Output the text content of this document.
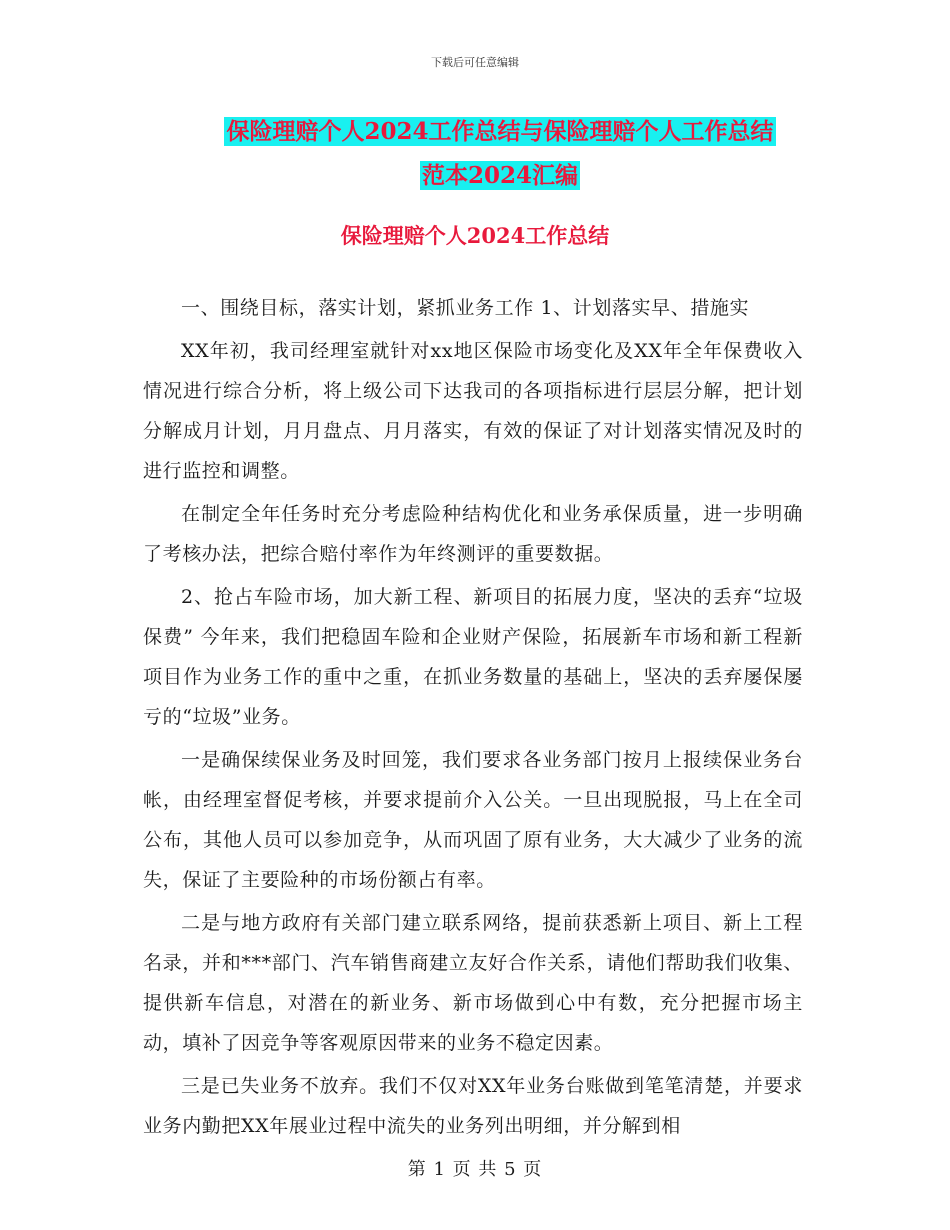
下载后可任意编辑
保险理赔个人2024工作总结与保险理赔个人工作总结
范本2024汇编
保险理赔个人2024工作总结

一、围绕目标，落实计划，紧抓业务工作 1、计划落实早、措施实

XX年初，我司经理室就针对xx地区保险市场变化及XX年全年保费收入情况进行综合分析，将上级公司下达我司的各项指标进行层层分解，把计划分解成月计划，月月盘点、月月落实，有效的保证了对计划落实情况及时的进行监控和调整。

在制定全年任务时充分考虑险种结构优化和业务承保质量，进一步明确了考核办法，把综合赔付率作为年终测评的重要数据。

2、抢占车险市场，加大新工程、新项目的拓展力度，坚决的丢弃“垃圾保费” 今年来，我们把稳固车险和企业财产保险，拓展新车市场和新工程新项目作为业务工作的重中之重，在抓业务数量的基础上，坚决的丢弃屡保屡亏的“垃圾”业务。

一是确保续保业务及时回笼，我们要求各业务部门按月上报续保业务台帐，由经理室督促考核，并要求提前介入公关。一旦出现脱报，马上在全司公布，其他人员可以参加竞争，从而巩固了原有业务，大大减少了业务的流失，保证了主要险种的市场份额占有率。

二是与地方政府有关部门建立联系网络，提前获悉新上项目、新上工程名录，并和***部门、汽车销售商建立友好合作关系，请他们帮助我们收集、提供新车信息，对潜在的新业务、新市场做到心中有数，充分把握市场主动，填补了因竞争等客观原因带来的业务不稳定因素。

三是已失业务不放弃。我们不仅对XX年业务台账做到笔笔清楚，并要求业务内勤把XX年展业过程中流失的业务列出明细，并分解到相

第 1 页 共 5 页
